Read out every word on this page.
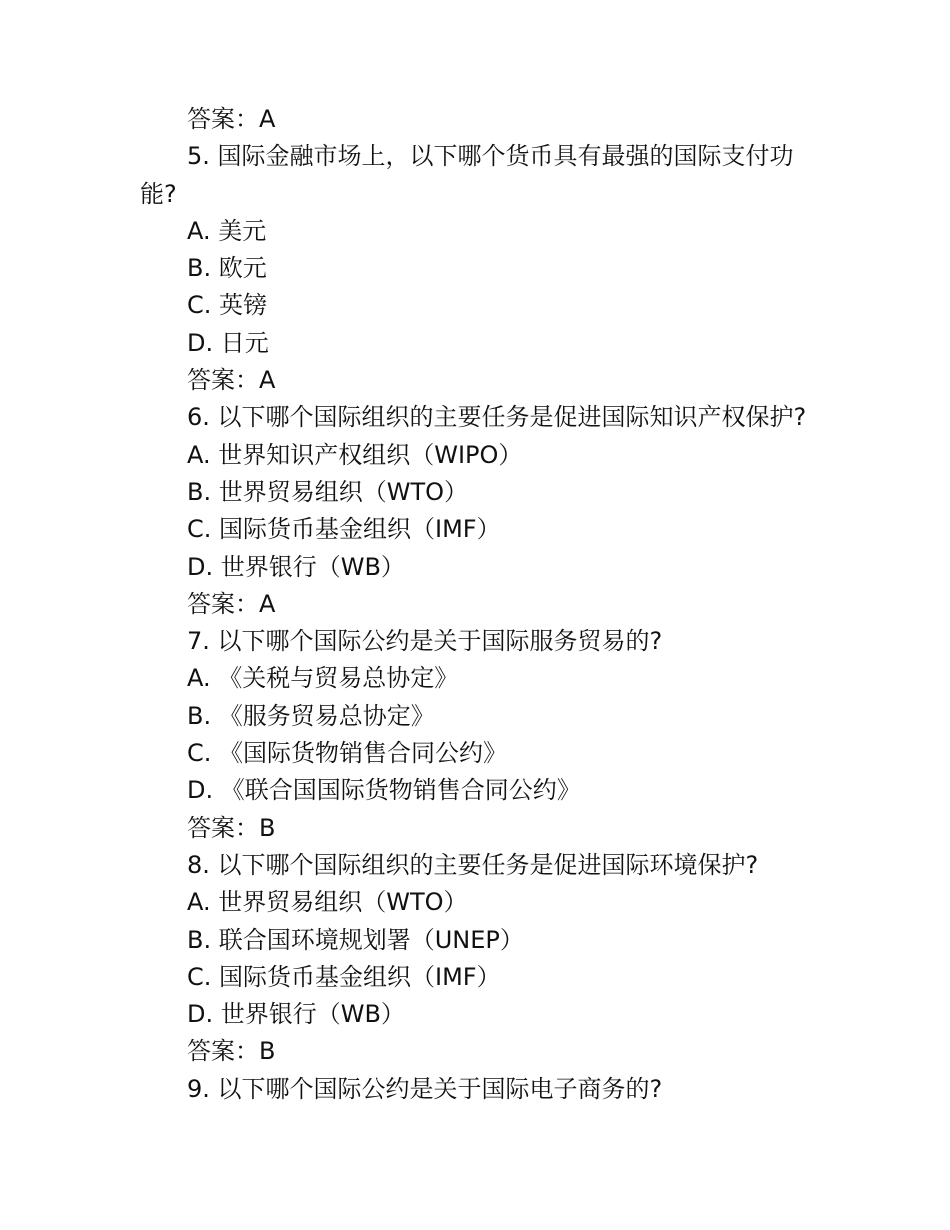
答案：A
5. 国际金融市场上，以下哪个货币具有最强的国际支付功能?
A. 美元
B. 欧元
C. 英镑
D. 日元
答案：A
6. 以下哪个国际组织的主要任务是促进国际知识产权保护?
A. 世界知识产权组织（WIPO）
B. 世界贸易组织（WTO）
C. 国际货币基金组织（IMF）
D. 世界银行（WB）
答案：A
7. 以下哪个国际公约是关于国际服务贸易的?
A. 《关税与贸易总协定》
B. 《服务贸易总协定》
C. 《国际货物销售合同公约》
D. 《联合国国际货物销售合同公约》
答案：B
8. 以下哪个国际组织的主要任务是促进国际环境保护?
A. 世界贸易组织（WTO）
B. 联合国环境规划署（UNEP）
C. 国际货币基金组织（IMF）
D. 世界银行（WB）
答案：B
9. 以下哪个国际公约是关于国际电子商务的?
